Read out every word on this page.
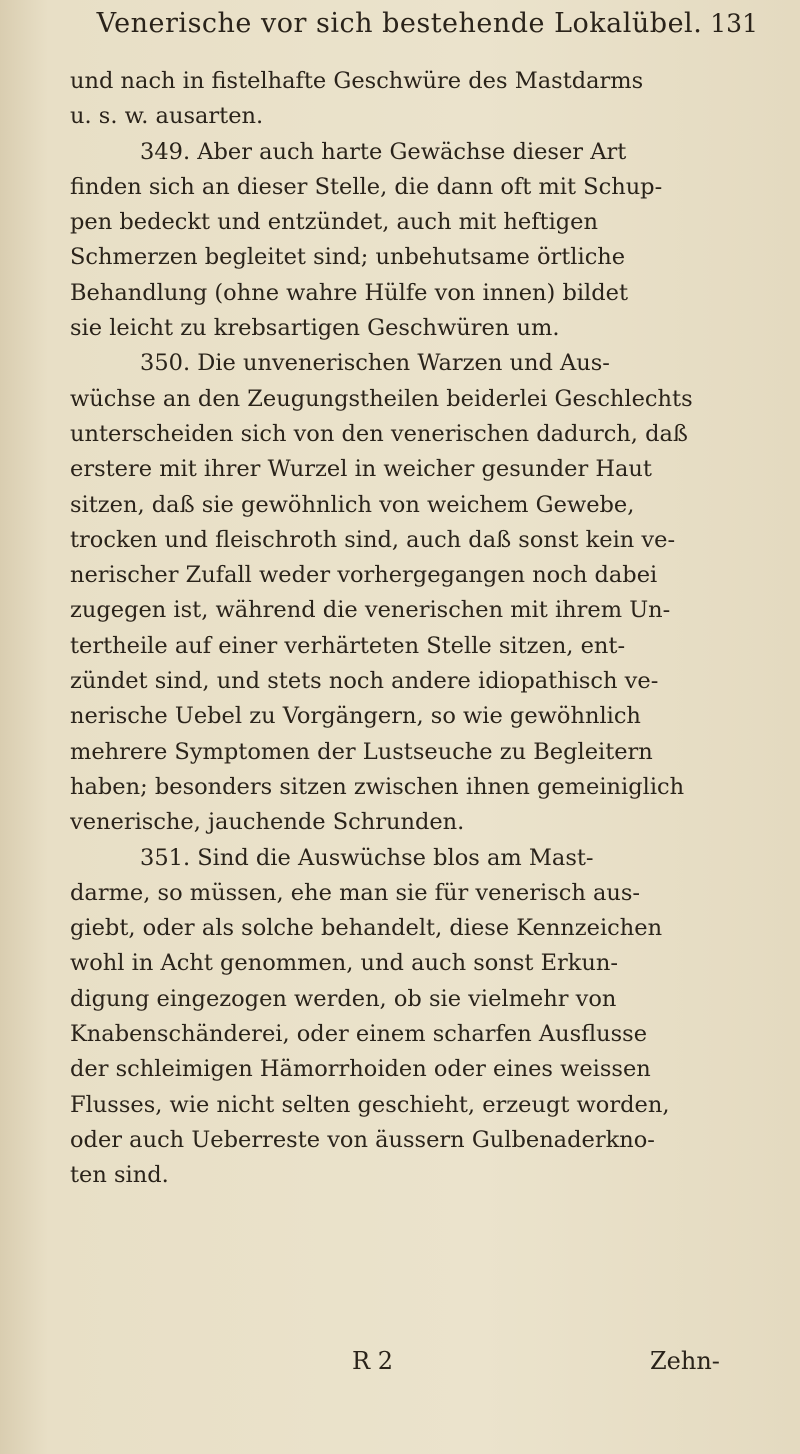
Venerische vor sich bestehende Lokalübel. 131
und nach in fistelhafte Geschwüre des Mastdarms
u. s. w. ausarten.
349. Aber auch harte Gewächse dieser Art
finden sich an dieser Stelle, die dann oft mit Schup-
pen bedeckt und entzündet, auch mit heftigen
Schmerzen begleitet sind; unbehutsame örtliche
Behandlung (ohne wahre Hülfe von innen) bildet
sie leicht zu krebsartigen Geschwüren um.
350. Die unvenerischen Warzen und Aus-
wüchse an den Zeugungstheilen beiderlei Geschlechts
unterscheiden sich von den venerischen dadurch, daß
erstere mit ihrer Wurzel in weicher gesunder Haut
sitzen, daß sie gewöhnlich von weichem Gewebe,
trocken und fleischroth sind, auch daß sonst kein ve-
nerischer Zufall weder vorhergegangen noch dabei
zugegen ist, während die venerischen mit ihrem Un-
tertheile auf einer verhärteten Stelle sitzen, ent-
zündet sind, und stets noch andere idiopathisch ve-
nerische Uebel zu Vorgängern, so wie gewöhnlich
mehrere Symptomen der Lustseuche zu Begleitern
haben; besonders sitzen zwischen ihnen gemeiniglich
venerische, jauchende Schrunden.
351. Sind die Auswüchse blos am Mast-
darme, so müssen, ehe man sie für venerisch aus-
giebt, oder als solche behandelt, diese Kennzeichen
wohl in Acht genommen, und auch sonst Erkun-
digung eingezogen werden, ob sie vielmehr von
Knabenschänderei, oder einem scharfen Ausflusse
der schleimigen Hämorrhoiden oder eines weissen
Flusses, wie nicht selten geschieht, erzeugt worden,
oder auch Ueberreste von äussern Gulbenaderkno-
ten sind.
R 2	Zehn-
